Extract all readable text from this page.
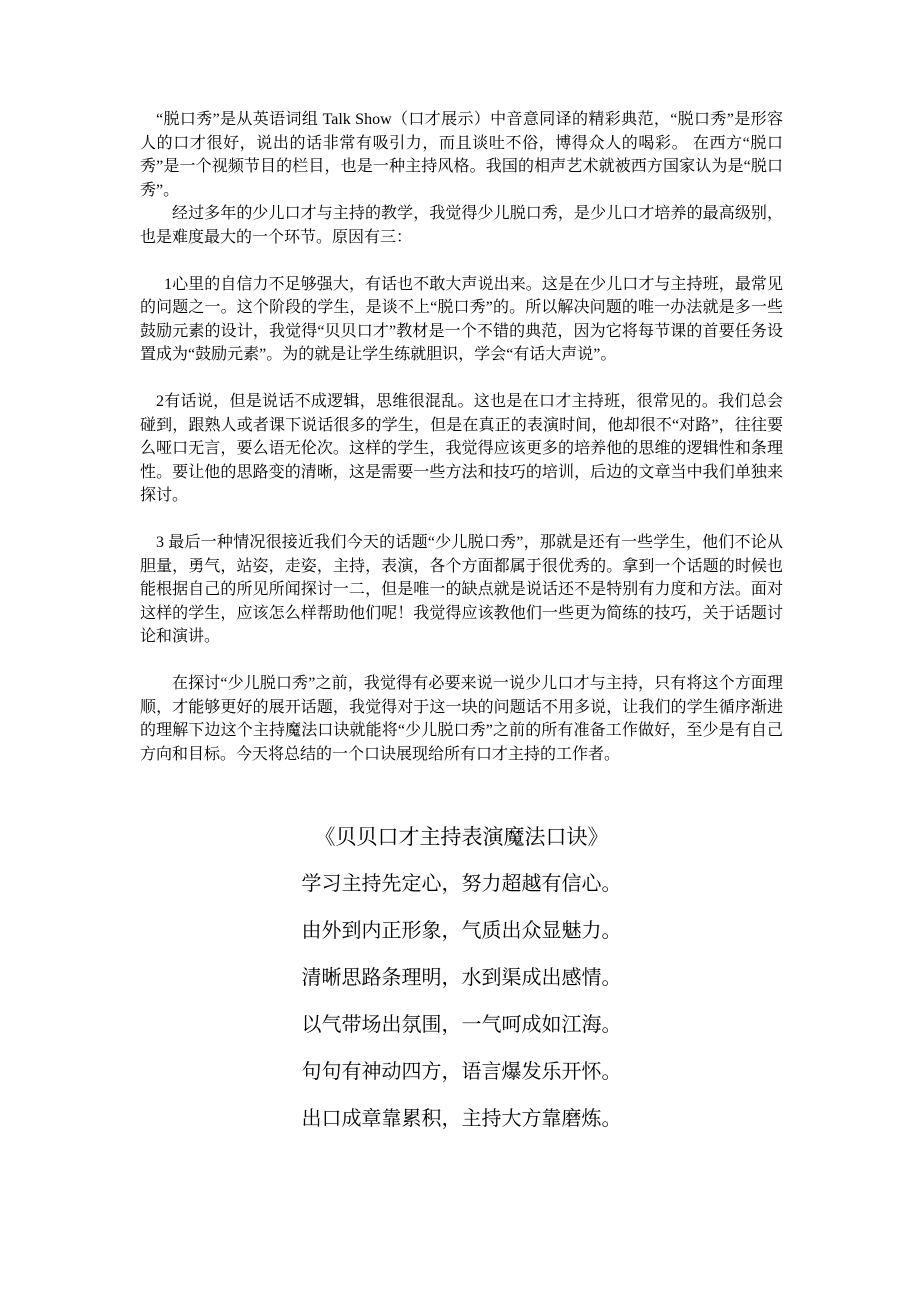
“脱口秀”是从英语词组 Talk Show（口才展示）中音意同译的精彩典范，“脱口秀”是形容人的口才很好，说出的话非常有吸引力，而且谈吐不俗，博得众人的喝彩。 在西方“脱口秀”是一个视频节目的栏目，也是一种主持风格。我国的相声艺术就被西方国家认为是“脱口秀”。

经过多年的少儿口才与主持的教学，我觉得少儿脱口秀，是少儿口才培养的最高级别，也是难度最大的一个环节。原因有三：

1心里的自信力不足够强大，有话也不敢大声说出来。这是在少儿口才与主持班，最常见的问题之一。这个阶段的学生，是谈不上“脱口秀”的。所以解决问题的唯一办法就是多一些鼓励元素的设计，我觉得“贝贝口才”教材是一个不错的典范，因为它将每节课的首要任务设置成为“鼓励元素”。为的就是让学生练就胆识，学会“有话大声说”。

2有话说，但是说话不成逻辑，思维很混乱。这也是在口才主持班，很常见的。我们总会碰到，跟熟人或者课下说话很多的学生，但是在真正的表演时间，他却很不“对路”，往往要么哑口无言，要么语无伦次。这样的学生，我觉得应该更多的培养他的思维的逻辑性和条理性。要让他的思路变的清晰，这是需要一些方法和技巧的培训，后边的文章当中我们单独来探讨。

3 最后一种情况很接近我们今天的话题“少儿脱口秀”，那就是还有一些学生，他们不论从胆量，勇气，站姿，走姿，主持，表演，各个方面都属于很优秀的。拿到一个话题的时候也能根据自己的所见所闻探讨一二，但是唯一的缺点就是说话还不是特别有力度和方法。面对这样的学生，应该怎么样帮助他们呢！我觉得应该教他们一些更为简练的技巧，关于话题讨论和演讲。

在探讨“少儿脱口秀”之前，我觉得有必要来说一说少儿口才与主持，只有将这个方面理顺，才能够更好的展开话题，我觉得对于这一块的问题话不用多说，让我们的学生循序渐进的理解下边这个主持魔法口诀就能将“少儿脱口秀”之前的所有准备工作做好，至少是有自己方向和目标。今天将总结的一个口诀展现给所有口才主持的工作者。

《贝贝口才主持表演魔法口诀》
学习主持先定心，努力超越有信心。
由外到内正形象，气质出众显魅力。
清晰思路条理明，水到渠成出感情。
以气带场出氛围，一气呵成如江海。
句句有神动四方，语言爆发乐开怀。
出口成章靠累积，主持大方靠磨炼。
